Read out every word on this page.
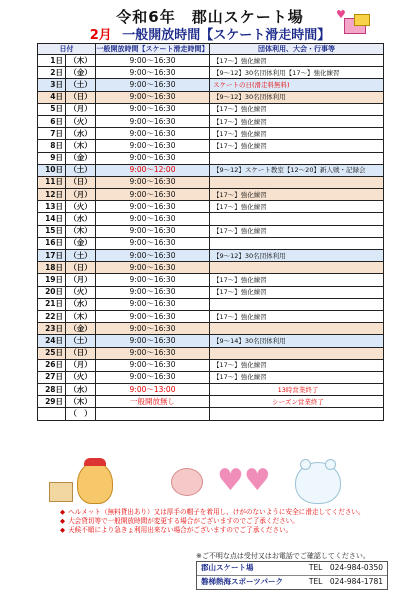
令和6年　郡山スケート場
2月 一般開放時間【スケート滑走時間】
♥
日付		一般開放時間【スケート滑走時間】	団体利用、大会・行事等
1日	（木）	9:00～16:30	【17～】強化練習
2日	（金）	9:00～16:30	【9～12】30名団体利用【17～】強化練習
3日	（土）	9:00～16:30	スケートの日(滑走料無料)
4日	（日）	9:00～16:30	【9～12】30名団体利用
5日	（月）	9:00～16:30	【17～】強化練習
6日	（火）	9:00～16:30	【17～】強化練習
7日	（水）	9:00～16:30	【17～】強化練習
8日	（木）	9:00～16:30	【17～】強化練習
9日	（金）	9:00～16:30	
10日	（土）	9:00～12:00	【9～12】スケート教室【12～20】新人戦・記録会
11日	（日）	9:00～16:30	
12日	（月）	9:00～16:30	【17～】強化練習
13日	（火）	9:00～16:30	【17～】強化練習
14日	（水）	9:00～16:30	
15日	（木）	9:00～16:30	【17～】強化練習
16日	（金）	9:00～16:30	
17日	（土）	9:00～16:30	【9～12】30名団体利用
18日	（日）	9:00～16:30	
19日	（月）	9:00～16:30	【17～】強化練習
20日	（火）	9:00～16:30	【17～】強化練習
21日	（水）	9:00～16:30	
22日	（木）	9:00～16:30	【17～】強化練習
23日	（金）	9:00～16:30	
24日	（土）	9:00～16:30	【9～14】30名団体利用
25日	（日）	9:00～16:30	
26日	（月）	9:00～16:30	【17～】強化練習
27日	（火）	9:00～16:30	【17～】強化練習
28日	（水）	9:00～13:00	13時営業終了
29日	（木）	一般開放無し	シーズン営業終了
	（　）		
♥♥
◆ ヘルメット（無料貸出あり）又は厚手の帽子を着用し、けがのないように安全に滑走してください。
◆ 大会貸切等で一般開放時間が変更する場合がございますのでご了承ください。
◆ 天候不順により急きょ利用出来ない場合がございますのでご了承ください。
※ご不明な点は受付又はお電話でご確認してください。
郡山スケート場	TEL　024-984-0350
磐梯熱海スポーツパーク	TEL　024-984-1781
